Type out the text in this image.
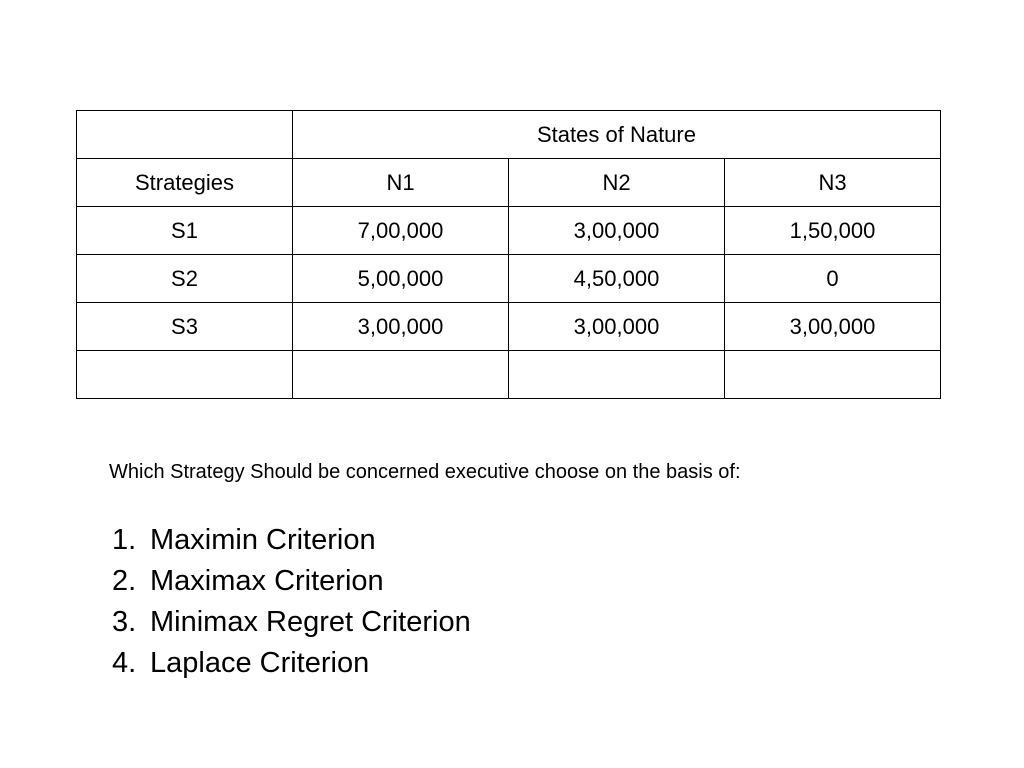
	States of Nature		
Strategies	N1	N2	N3
S1	7,00,000	3,00,000	1,50,000
S2	5,00,000	4,50,000	0
S3	3,00,000	3,00,000	3,00,000

Which Strategy Should be concerned executive choose on the basis of:
1. Maximin Criterion
2. Maximax Criterion
3. Minimax Regret Criterion
4. Laplace Criterion
